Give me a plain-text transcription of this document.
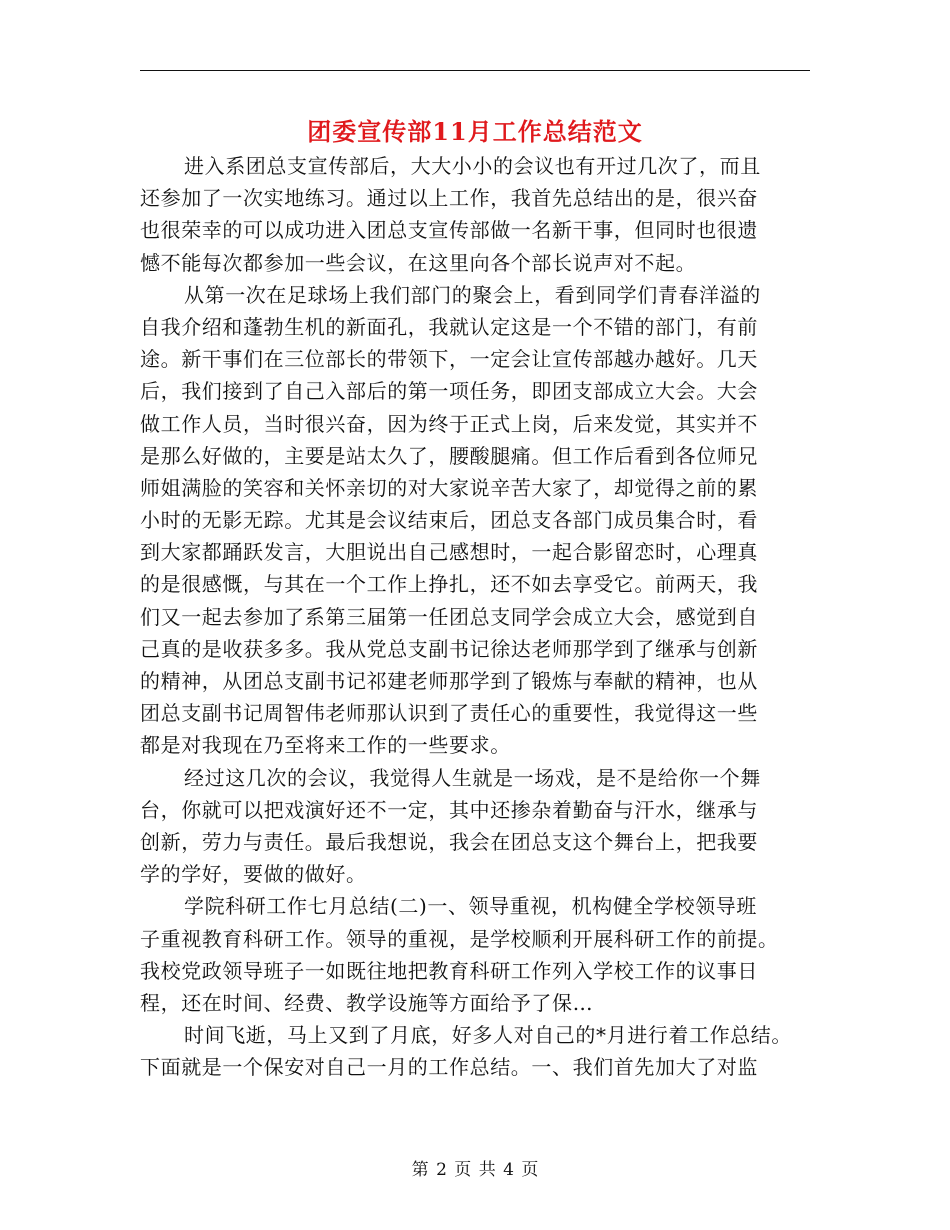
团委宣传部11月工作总结范文
进入系团总支宣传部后，大大小小的会议也有开过几次了，而且
还参加了一次实地练习。通过以上工作，我首先总结出的是，很兴奋
也很荣幸的可以成功进入团总支宣传部做一名新干事，但同时也很遗
憾不能每次都参加一些会议，在这里向各个部长说声对不起。
从第一次在足球场上我们部门的聚会上，看到同学们青春洋溢的
自我介绍和蓬勃生机的新面孔，我就认定这是一个不错的部门，有前
途。新干事们在三位部长的带领下，一定会让宣传部越办越好。几天
后，我们接到了自己入部后的第一项任务，即团支部成立大会。大会
做工作人员，当时很兴奋，因为终于正式上岗，后来发觉，其实并不
是那么好做的，主要是站太久了，腰酸腿痛。但工作后看到各位师兄
师姐满脸的笑容和关怀亲切的对大家说辛苦大家了，却觉得之前的累
小时的无影无踪。尤其是会议结束后，团总支各部门成员集合时，看
到大家都踊跃发言，大胆说出自己感想时，一起合影留恋时，心理真
的是很感慨，与其在一个工作上挣扎，还不如去享受它。前两天，我
们又一起去参加了系第三届第一任团总支同学会成立大会，感觉到自
己真的是收获多多。我从党总支副书记徐达老师那学到了继承与创新
的精神，从团总支副书记祁建老师那学到了锻炼与奉献的精神，也从
团总支副书记周智伟老师那认识到了责任心的重要性，我觉得这一些
都是对我现在乃至将来工作的一些要求。
经过这几次的会议，我觉得人生就是一场戏，是不是给你一个舞
台，你就可以把戏演好还不一定，其中还掺杂着勤奋与汗水，继承与
创新，劳力与责任。最后我想说，我会在团总支这个舞台上，把我要
学的学好，要做的做好。
学院科研工作七月总结(二)一、领导重视，机构健全学校领导班
子重视教育科研工作。领导的重视，是学校顺利开展科研工作的前提。
我校党政领导班子一如既往地把教育科研工作列入学校工作的议事日
程，还在时间、经费、教学设施等方面给予了保…
时间飞逝，马上又到了月底，好多人对自己的*月进行着工作总结。
下面就是一个保安对自己一月的工作总结。一、我们首先加大了对监
第 2 页 共 4 页
